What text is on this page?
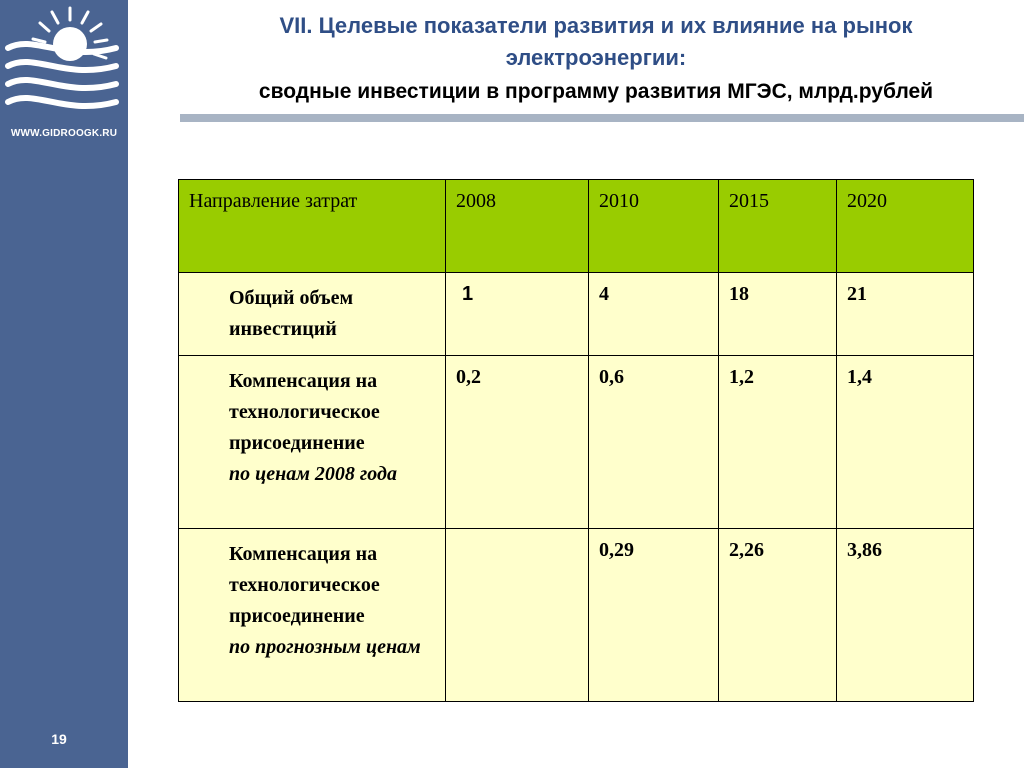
WWW.GIDROOGK.RU
19
VII. Целевые показатели развития и их влияние на рынок
электроэнергии:
сводные инвестиции в программу развития МГЭС, млрд.рублей
Направление затрат	2008	2010	2015	2020
Общий объем инвестиций	1	4	18	21
Компенсация на технологическое присоединение
по ценам 2008 года	0,2	0,6	1,2	1,4
Компенсация на технологическое присоединение
по прогнозным ценам		0,29	2,26	3,86
